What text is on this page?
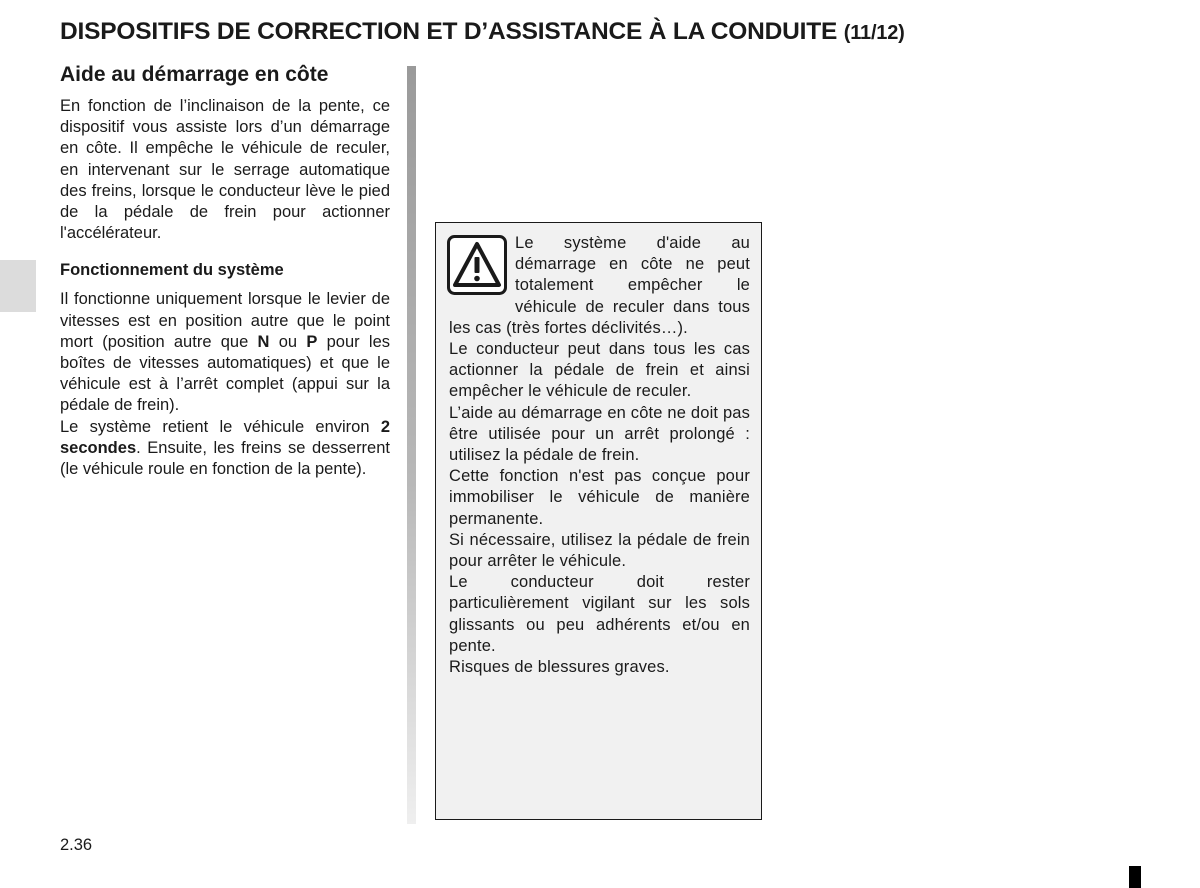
DISPOSITIFS DE CORRECTION ET D’ASSISTANCE À LA CONDUITE (11/12)
Aide au démarrage en côte

En fonction de l’inclinaison de la pente, ce dispositif vous assiste lors d’un démarrage en côte. Il empêche le véhicule de reculer, en intervenant sur le serrage automatique des freins, lorsque le conducteur lève le pied de la pédale de frein pour actionner l'accélérateur.

Fonctionnement du système

Il fonctionne uniquement lorsque le levier de vitesses est en position autre que le point mort (position autre que N ou P pour les boîtes de vitesses automatiques) et que le véhicule est à l’arrêt complet (appui sur la pédale de frein).
Le système retient le véhicule environ 2 secondes. Ensuite, les freins se desserrent (le véhicule roule en fonction de la pente).

Le système d'aide au démarrage en côte ne peut totalement empêcher le véhicule de reculer dans tous les cas (très fortes déclivités…).
Le conducteur peut dans tous les cas actionner la pédale de frein et ainsi empêcher le véhicule de reculer.
L’aide au démarrage en côte ne doit pas être utilisée pour un arrêt prolongé : utilisez la pédale de frein.
Cette fonction n'est pas conçue pour immobiliser le véhicule de manière permanente.
Si nécessaire, utilisez la pédale de frein pour arrêter le véhicule.
Le conducteur doit rester particulièrement vigilant sur les sols glissants ou peu adhérents et/ou en pente.
Risques de blessures graves.

2.36
